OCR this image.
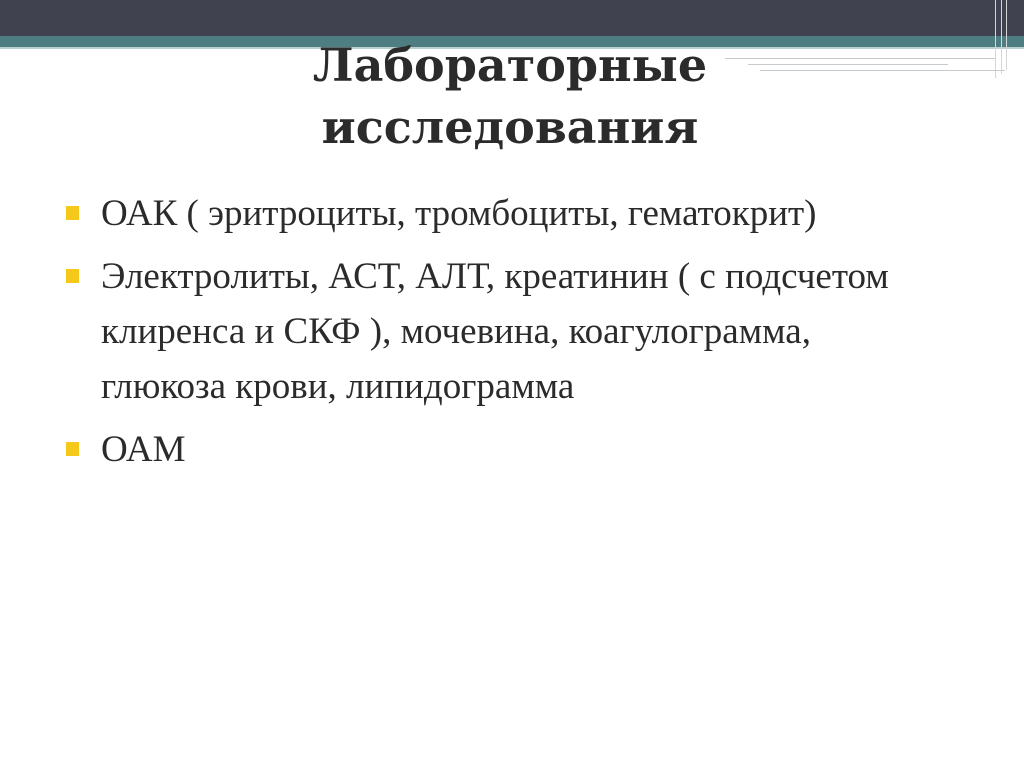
Лабораторные исследования
ОАК ( эритроциты, тромбоциты, гематокрит)
Электролиты, АСТ, АЛТ, креатинин ( с подсчетом клиренса и СКФ ), мочевина, коагулограмма, глюкоза крови, липидограмма
ОАМ
